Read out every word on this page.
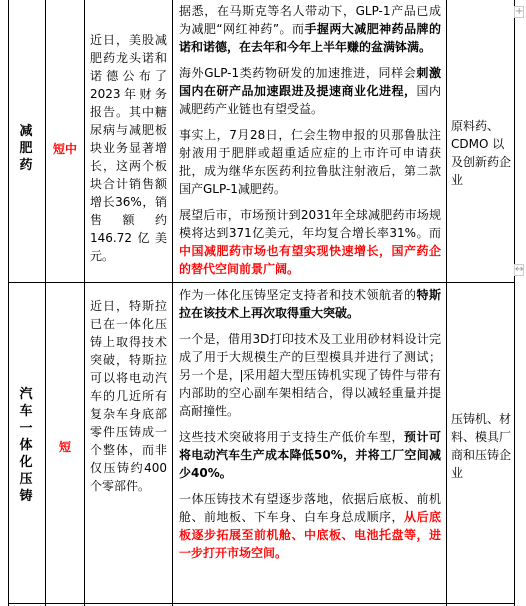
减
肥
药
短中
近日，美股减肥药龙头诺和诺德公布了2023年财务报告。其中糖尿病与减肥板块业务显著增长，这两个板块合计销售额增长36%，销售额约146.72亿美元。

据悉，在马斯克等名人带动下，GLP-1产品已成为减肥“网红神药”。而手握两大减肥神药品牌的诺和诺德，在去年和今年上半年赚的盆满钵满。

海外GLP-1类药物研发的加速推进，同样会刺激国内在研产品加速跟进及提速商业化进程，国内减肥药产业链也有望受益。

事实上，7月28日，仁会生物申报的贝那鲁肽注射液用于肥胖或超重适应症的上市许可申请获批，成为继华东医药利拉鲁肽注射液后，第二款国产GLP-1减肥药。

展望后市，市场预计到2031年全球减肥药市场规模将达到371亿美元，年均复合增长率31%。而中国减肥药市场也有望实现快速增长，国产药企的替代空间前景广阔。

原料药、CDMO 以及创新药企业
汽
车
一
体
化
压
铸
短
近日，特斯拉已在一体化压铸上取得技术突破，特斯拉可以将电动汽车的几近所有复杂车身底部零件压铸成一个整体，而非仅压铸约400个零部件。

作为一体化压铸坚定支持者和技术领航者的特斯拉在该技术上再次取得重大突破。

一个是，借用3D打印技术及工业用砂材料设计完成了用于大规模生产的巨型模具并进行了测试；另一个是，采用超大型压铸机实现了铸件与带有内部助的空心副车架相结合，得以减轻重量并提高耐撞性。

这些技术突破将用于支持生产低价车型，预计可将电动汽车生产成本降低50%，并将工厂空间减少40%。

一体压铸技术有望逐步落地，依据后底板、前机舱、前地板、下车身、白车身总成顺序，从后底板逐步拓展至前机舱、中底板、电池托盘等，进一步打开市场空间。

压铸机、材料、模具厂商和压铸企业
+
↔
